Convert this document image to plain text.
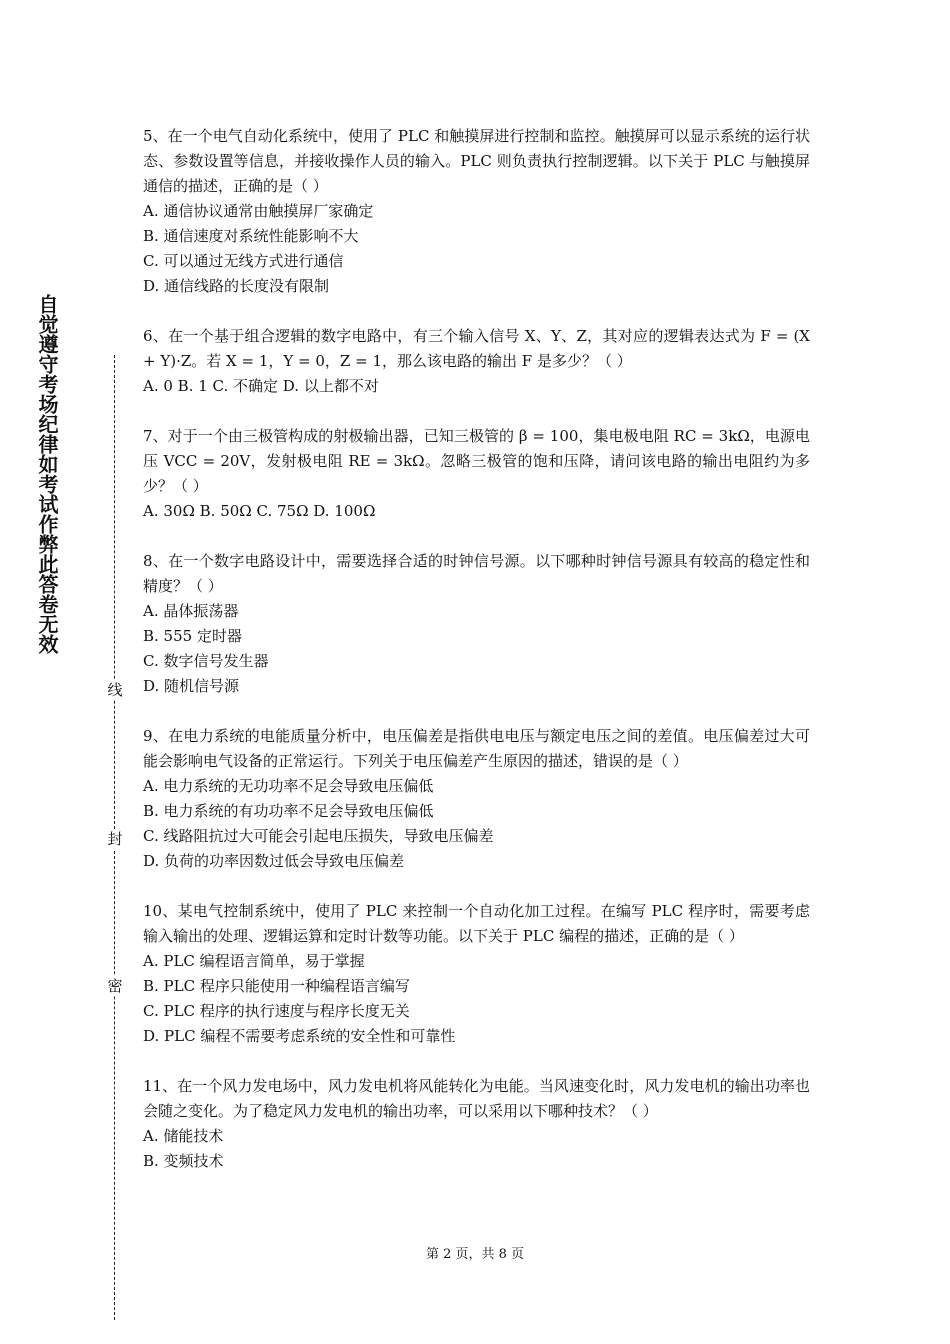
自觉遵守考场纪律如考试作弊此答卷无效
线
封
密
5、在一个电气自动化系统中，使用了 PLC 和触摸屏进行控制和监控。触摸屏可以显示系统的运行状态、参数设置等信息，并接收操作人员的输入。PLC 则负责执行控制逻辑。以下关于 PLC 与触摸屏通信的描述，正确的是（ ）
A. 通信协议通常由触摸屏厂家确定
B. 通信速度对系统性能影响不大
C. 可以通过无线方式进行通信
D. 通信线路的长度没有限制
6、在一个基于组合逻辑的数字电路中，有三个输入信号 X、Y、Z，其对应的逻辑表达式为 F = (X + Y)·Z。若 X = 1，Y = 0，Z = 1，那么该电路的输出 F 是多少？（ ）
A. 0 B. 1 C. 不确定 D. 以上都不对
7、对于一个由三极管构成的射极输出器，已知三极管的 β = 100，集电极电阻 RC = 3kΩ，电源电压 VCC = 20V，发射极电阻 RE = 3kΩ。忽略三极管的饱和压降，请问该电路的输出电阻约为多少？（ ）
A. 30Ω B. 50Ω C. 75Ω D. 100Ω
8、在一个数字电路设计中，需要选择合适的时钟信号源。以下哪种时钟信号源具有较高的稳定性和精度？（ ）
A. 晶体振荡器
B. 555 定时器
C. 数字信号发生器
D. 随机信号源
9、在电力系统的电能质量分析中，电压偏差是指供电电压与额定电压之间的差值。电压偏差过大可能会影响电气设备的正常运行。下列关于电压偏差产生原因的描述，错误的是（ ）
A. 电力系统的无功功率不足会导致电压偏低
B. 电力系统的有功功率不足会导致电压偏低
C. 线路阻抗过大可能会引起电压损失，导致电压偏差
D. 负荷的功率因数过低会导致电压偏差
10、某电气控制系统中，使用了 PLC 来控制一个自动化加工过程。在编写 PLC 程序时，需要考虑输入输出的处理、逻辑运算和定时计数等功能。以下关于 PLC 编程的描述，正确的是（ ）
A. PLC 编程语言简单，易于掌握
B. PLC 程序只能使用一种编程语言编写
C. PLC 程序的执行速度与程序长度无关
D. PLC 编程不需要考虑系统的安全性和可靠性
11、在一个风力发电场中，风力发电机将风能转化为电能。当风速变化时，风力发电机的输出功率也会随之变化。为了稳定风力发电机的输出功率，可以采用以下哪种技术？（ ）
A. 储能技术
B. 变频技术
第 2 页，共 8 页
